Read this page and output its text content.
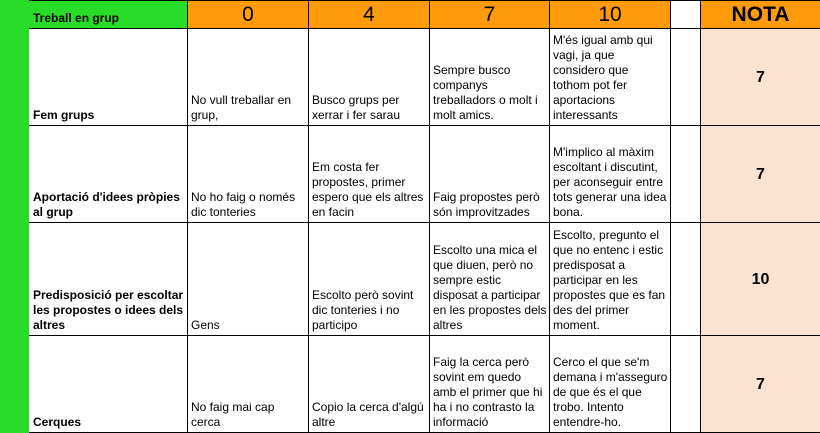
	Treball en grup	0	4	7	10		NOTA
	Fem grups	No vull treballar en grup,	Busco grups per xerrar i fer sarau	Sempre busco companys treballadors o molt i molt amics.	M'és igual amb qui vagi, ja que considero que tothom pot fer aportacions interessants		7
	Aportació d'idees pròpies al grup	No ho faig o només dic tonteries	Em costa fer propostes, primer espero que els altres en facin	Faig propostes però són improvitzades	M'implico al màxim escoltant i discutint, per aconseguir entre tots generar una idea bona.		7
	Predisposició per escoltar les propostes o idees dels altres	Gens	Escolto però sovint dic tonteries i no participo	Escolto una mica el que diuen, però no sempre estic disposat a participar en les propostes dels altres	Escolto, pregunto el que no entenc i estic predisposat a participar en les propostes que es fan des del primer moment.		10
	Cerques	No faig mai cap cerca	Copio la cerca d'algú altre	Faig la cerca però sovint em quedo amb el primer que hi ha i no contrasto la informació	Cerco el que se'm demana i m'asseguro de que és el que trobo. Intento entendre-ho.		7
